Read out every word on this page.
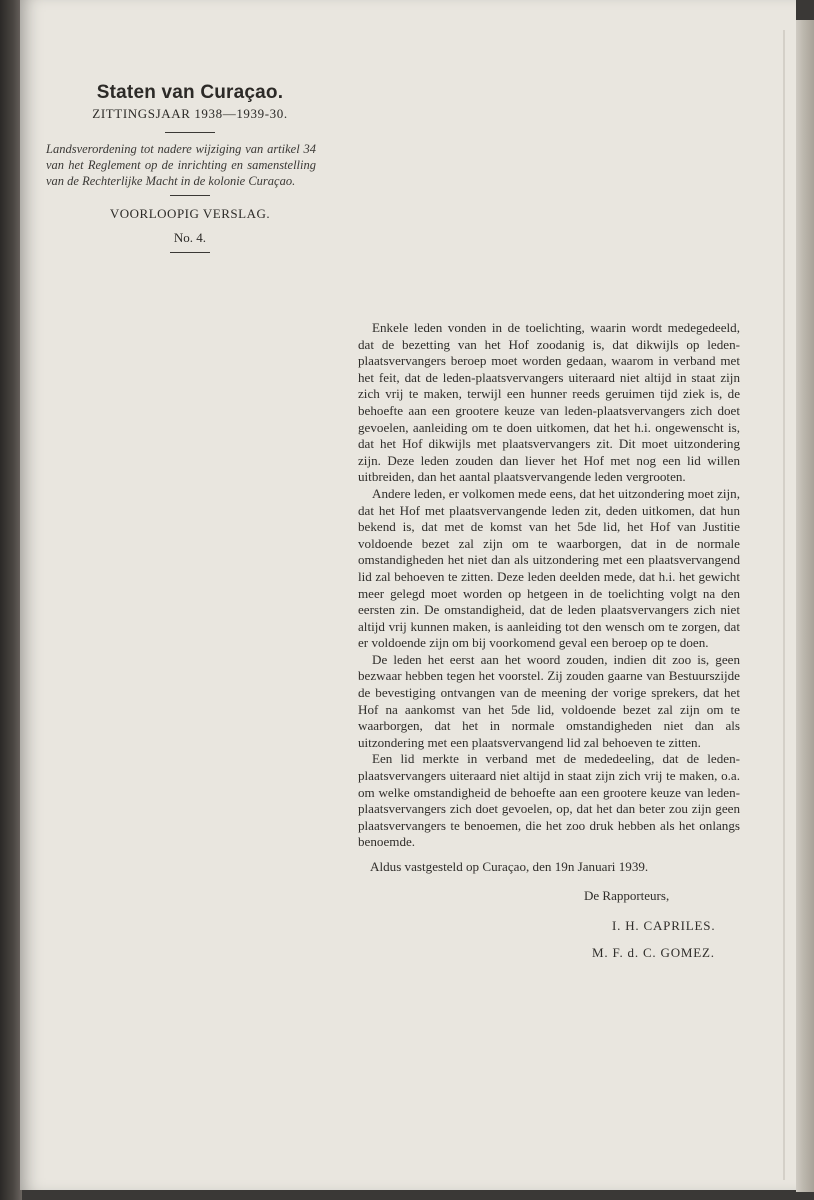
Staten van Curaçao.
ZITTINGSJAAR 1938—1939-30.
Landsverordening tot nadere wijziging van artikel 34 van het Reglement op de inrichting en samenstelling van de Rechterlijke Macht in de kolonie Curaçao.
VOORLOOPIG VERSLAG.
No. 4.

Enkele leden vonden in de toelichting, waarin wordt medegedeeld, dat de bezetting van het Hof zoodanig is, dat dikwijls op leden-plaatsvervangers beroep moet worden gedaan, waarom in verband met het feit, dat de leden-plaatsvervangers uiteraard niet altijd in staat zijn zich vrij te maken, terwijl een hunner reeds geruimen tijd ziek is, de behoefte aan een grootere keuze van leden-plaatsvervangers zich doet gevoelen, aanleiding om te doen uitkomen, dat het h.i. ongewenscht is, dat het Hof dikwijls met plaatsvervangers zit. Dit moet uitzondering zijn. Deze leden zouden dan liever het Hof met nog een lid willen uitbreiden, dan het aantal plaatsvervangende leden vergrooten.

Andere leden, er volkomen mede eens, dat het uitzondering moet zijn, dat het Hof met plaatsvervangende leden zit, deden uitkomen, dat hun bekend is, dat met de komst van het 5de lid, het Hof van Justitie voldoende bezet zal zijn om te waarborgen, dat in de normale omstandigheden het niet dan als uitzondering met een plaatsvervangend lid zal behoeven te zitten. Deze leden deelden mede, dat h.i. het gewicht meer gelegd moet worden op hetgeen in de toelichting volgt na den eersten zin. De omstandigheid, dat de leden plaatsvervangers zich niet altijd vrij kunnen maken, is aanleiding tot den wensch om te zorgen, dat er voldoende zijn om bij voorkomend geval een beroep op te doen.

De leden het eerst aan het woord zouden, indien dit zoo is, geen bezwaar hebben tegen het voorstel. Zij zouden gaarne van Bestuurszijde de bevestiging ontvangen van de meening der vorige sprekers, dat het Hof na aankomst van het 5de lid, voldoende bezet zal zijn om te waarborgen, dat het in normale omstandigheden niet dan als uitzondering met een plaatsvervangend lid zal behoeven te zitten.

Een lid merkte in verband met de mededeeling, dat de leden-plaatsvervangers uiteraard niet altijd in staat zijn zich vrij te maken, o.a. om welke omstandigheid de behoefte aan een grootere keuze van leden-plaatsvervangers zich doet gevoelen, op, dat het dan beter zou zijn geen plaatsvervangers te benoemen, die het zoo druk hebben als het onlangs benoemde.

Aldus vastgesteld op Curaçao, den 19n Januari 1939.
De Rapporteurs,
I. H. CAPRILES.
M. F. d. C. GOMEZ.
